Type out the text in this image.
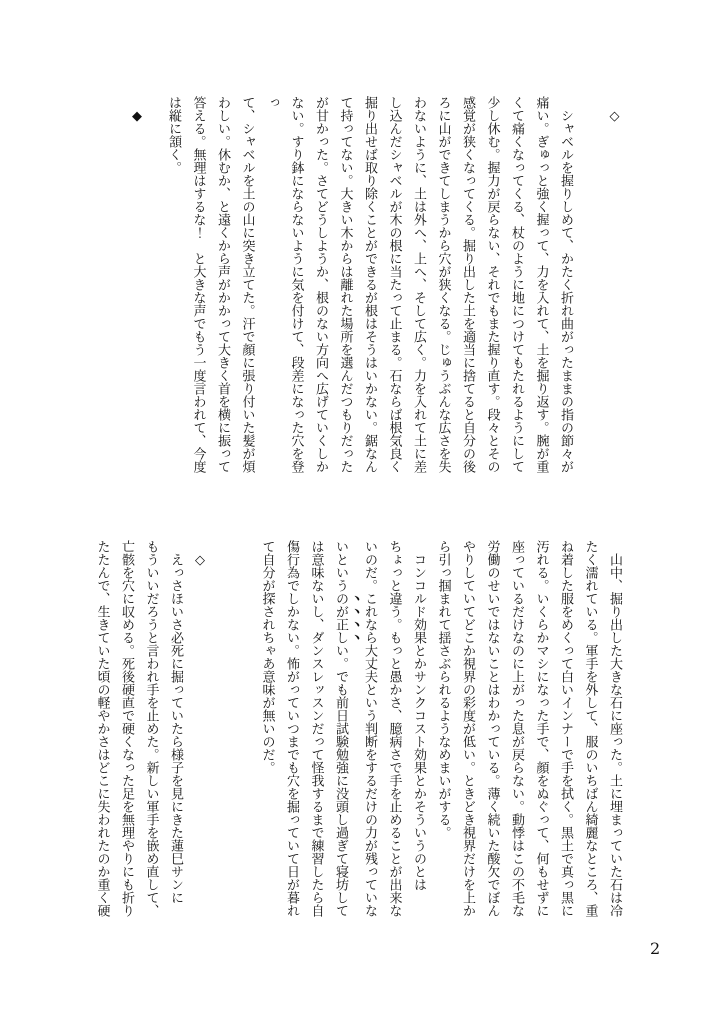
　◇

　シャベルを握りしめて、かたく折れ曲がったままの指の節々が
痛い。ぎゅっと強く握って、力を入れて、土を掘り返す。腕が重
くて痛くなってくる、杖のように地につけてもたれるようにして
少し休む。握力が戻らない、それでもまた握り直す。段々とその
感覚が狭くなってくる。掘り出した土を適当に捨てると自分の後
ろに山ができてしまうから穴が狭くなる。じゅうぶんな広さを失
わないように、土は外へ、上へ、そして広く。力を入れて土に差
し込んだシャベルが木の根に当たって止まる。石ならば根気良く
掘り出せば取り除くことができるが根はそうはいかない。鋸なん
て持ってない。大きい木からは離れた場所を選んだつもりだった
が甘かった。さてどうしようか、根のない方向へ広げていくしか
ない。すり鉢にならないように気を付けて、段差になった穴を登っ
て、シャベルを土の山に突き立てた。汗で顔に張り付いた髪が煩
わしい。休むか、と遠くから声がかかって大きく首を横に振って
答える。無理はするな！　と大きな声でもう一度言われて、今度
は縦に頷く。
　◆
　山中、掘り出した大きな石に座った。土に埋まっていた石は冷
たく濡れている。軍手を外して、服のいちばん綺麗なところ、重
ね着した服をめくって白いインナーで手を拭く。黒土で真っ黒に
汚れる。いくらかマシになった手で、顔をぬぐって、何もせずに
座っているだけなのに上がった息が戻らない。動悸はこの不毛な
労働のせいではないことはわかっている。薄く続いた酸欠でぼん
やりしていてどこか視界の彩度が低い。ときどき視界だけを上か
ら引っ掴まれて揺さぶられるようなめまいがする。
　コンコルド効果とかサンクコスト効果とかそういうのとは
ちょっと違う。もっと愚かさ、臆病さで手を止めることが出来な
いのだ。これなら大丈夫という判断をするだけの力が残っていな
いというのが正しい。でも前日試験勉強に没頭し過ぎて寝坊して
は意味ないし、ダンスレッスンだって怪我するまで練習したら自
傷行為でしかない。怖がっていつまでも穴を掘っていて日が暮れ
て自分が探されちゃあ意味が無いのだ。

　◇
　えっさほいさ必死に掘っていたら様子を見にきた蓮巳サンに
もういいだろうと言われ手を止めた。新しい軍手を嵌め直して、
亡骸を穴に収める。死後硬直で硬くなった足を無理やりにも折り
たたんで、生きていた頃の軽やかさはどこに失われたのか重く硬
2
